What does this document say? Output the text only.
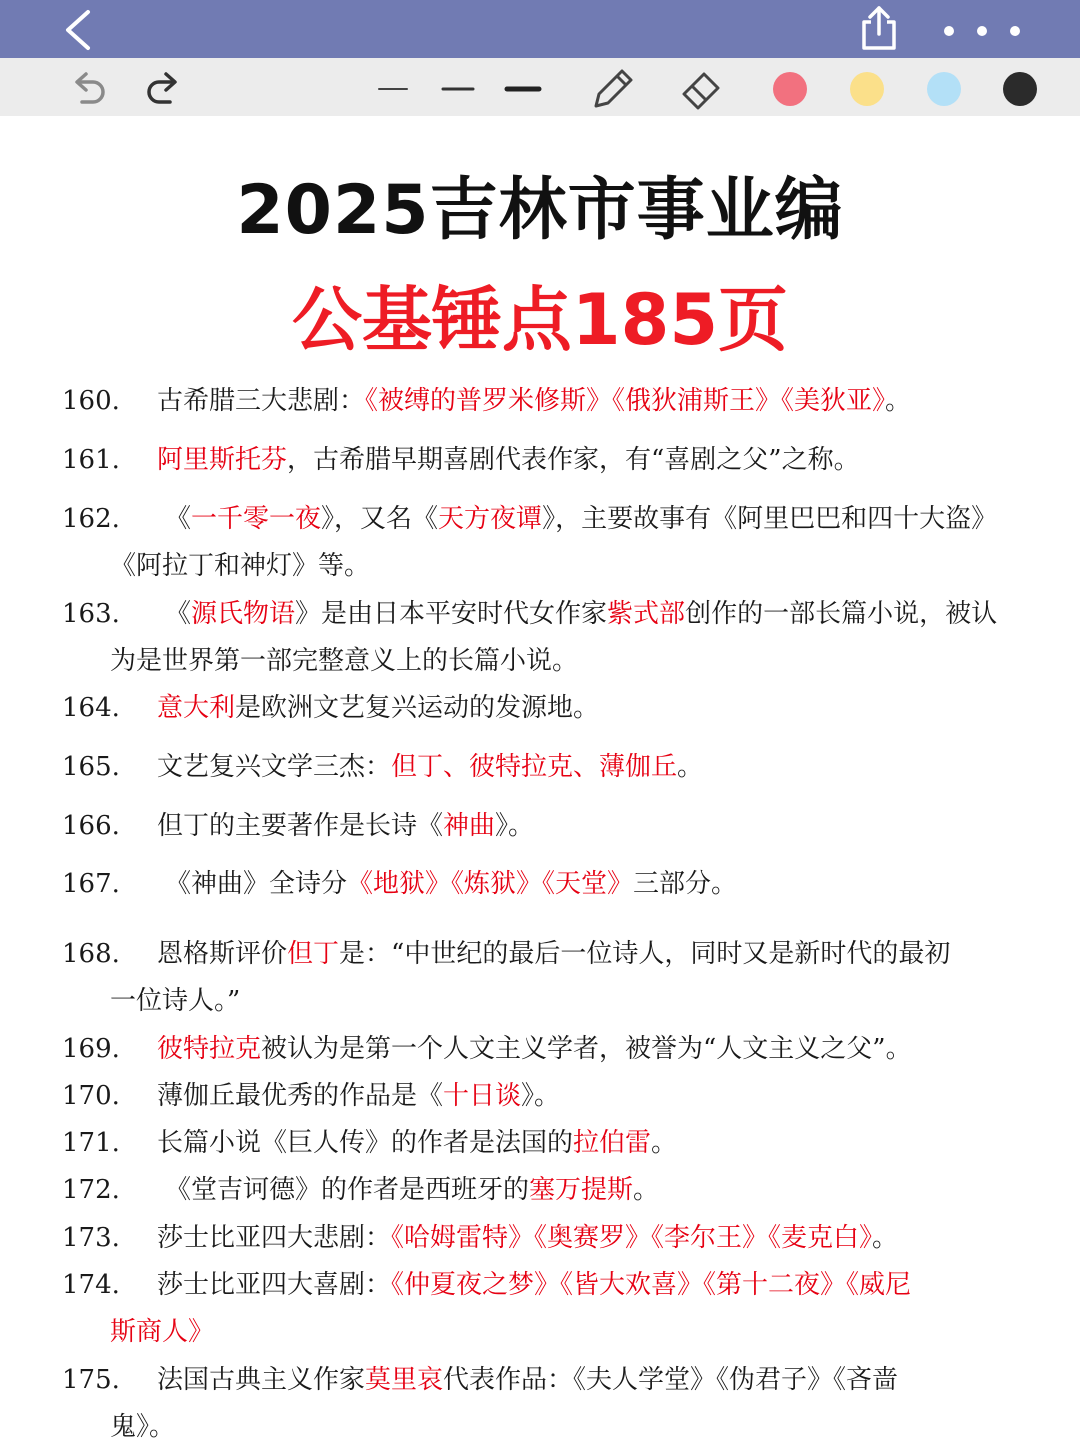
2025吉林市事业编
公基锤点185页
160. 古希腊三大悲剧：《被缚的普罗米修斯》《俄狄浦斯王》《美狄亚》。
161. 阿里斯托芬，古希腊早期喜剧代表作家，有“喜剧之父”之称。
162. 《一千零一夜》，又名《天方夜谭》，主要故事有《阿里巴巴和四十大盗》
《阿拉丁和神灯》等。
163. 《源氏物语》是由日本平安时代女作家紫式部创作的一部长篇小说，被认
为是世界第一部完整意义上的长篇小说。
164. 意大利是欧洲文艺复兴运动的发源地。
165. 文艺复兴文学三杰：但丁、彼特拉克、薄伽丘。
166. 但丁的主要著作是长诗《神曲》。
167. 《神曲》全诗分《地狱》《炼狱》《天堂》三部分。
168. 恩格斯评价但丁是：“中世纪的最后一位诗人，同时又是新时代的最初
一位诗人。”
169. 彼特拉克被认为是第一个人文主义学者，被誉为“人文主义之父”。
170. 薄伽丘最优秀的作品是《十日谈》。
171. 长篇小说《巨人传》的作者是法国的拉伯雷。
172. 《堂吉诃德》的作者是西班牙的塞万提斯。
173. 莎士比亚四大悲剧：《哈姆雷特》《奥赛罗》《李尔王》《麦克白》。
174. 莎士比亚四大喜剧：《仲夏夜之梦》《皆大欢喜》《第十二夜》《威尼
斯商人》
175. 法国古典主义作家莫里哀代表作品：《夫人学堂》《伪君子》《吝啬
鬼》。
